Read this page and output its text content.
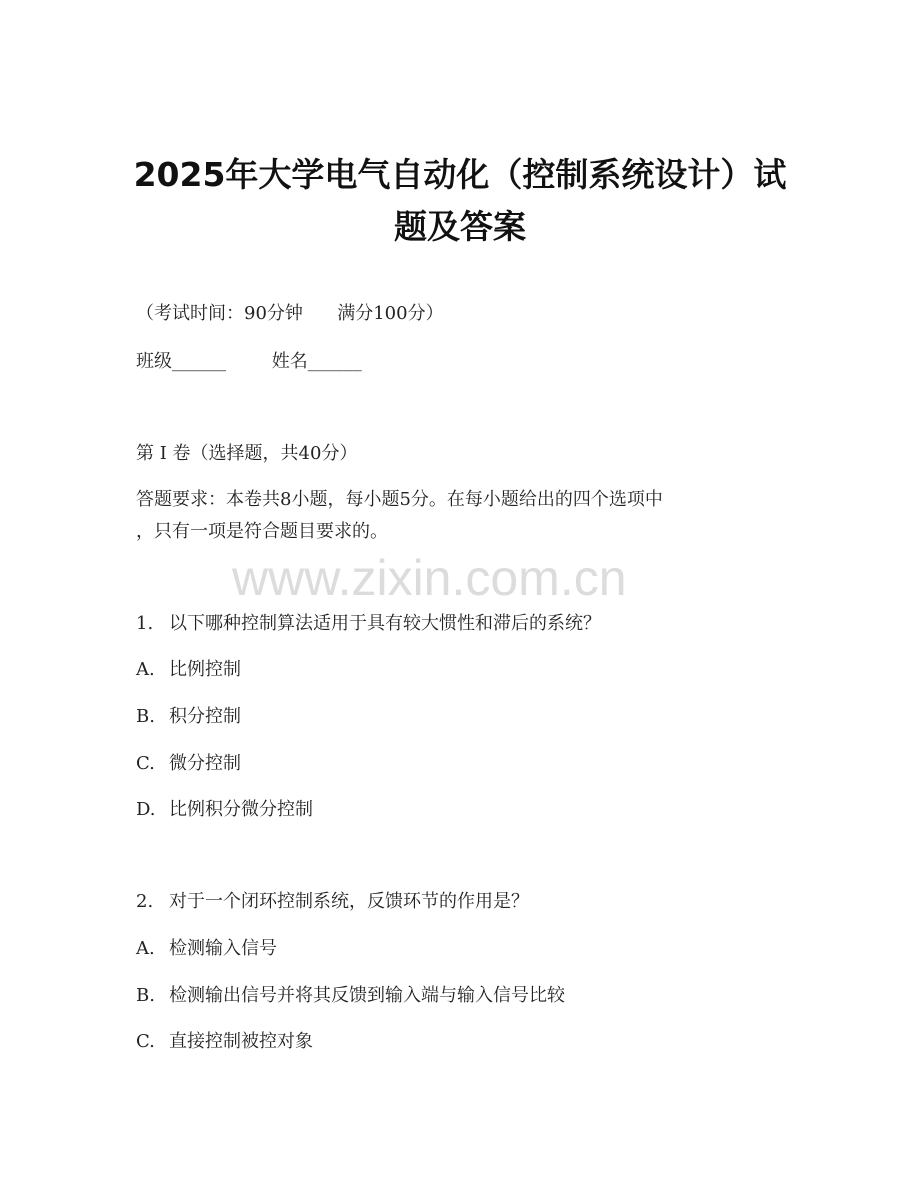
2025年大学电气自动化（控制系统设计）试
题及答案
（考试时间：90分钟      满分100分）
班级______	姓名______
第 I 卷（选择题，共40分）
答题要求：本卷共8小题，每小题5分。在每小题给出的四个选项中
，只有一项是符合题目要求的。
www.zixin.com.cn
1. 以下哪种控制算法适用于具有较大惯性和滞后的系统？
A. 比例控制
B. 积分控制
C. 微分控制
D. 比例积分微分控制
2. 对于一个闭环控制系统，反馈环节的作用是？
A. 检测输入信号
B. 检测输出信号并将其反馈到输入端与输入信号比较
C. 直接控制被控对象
